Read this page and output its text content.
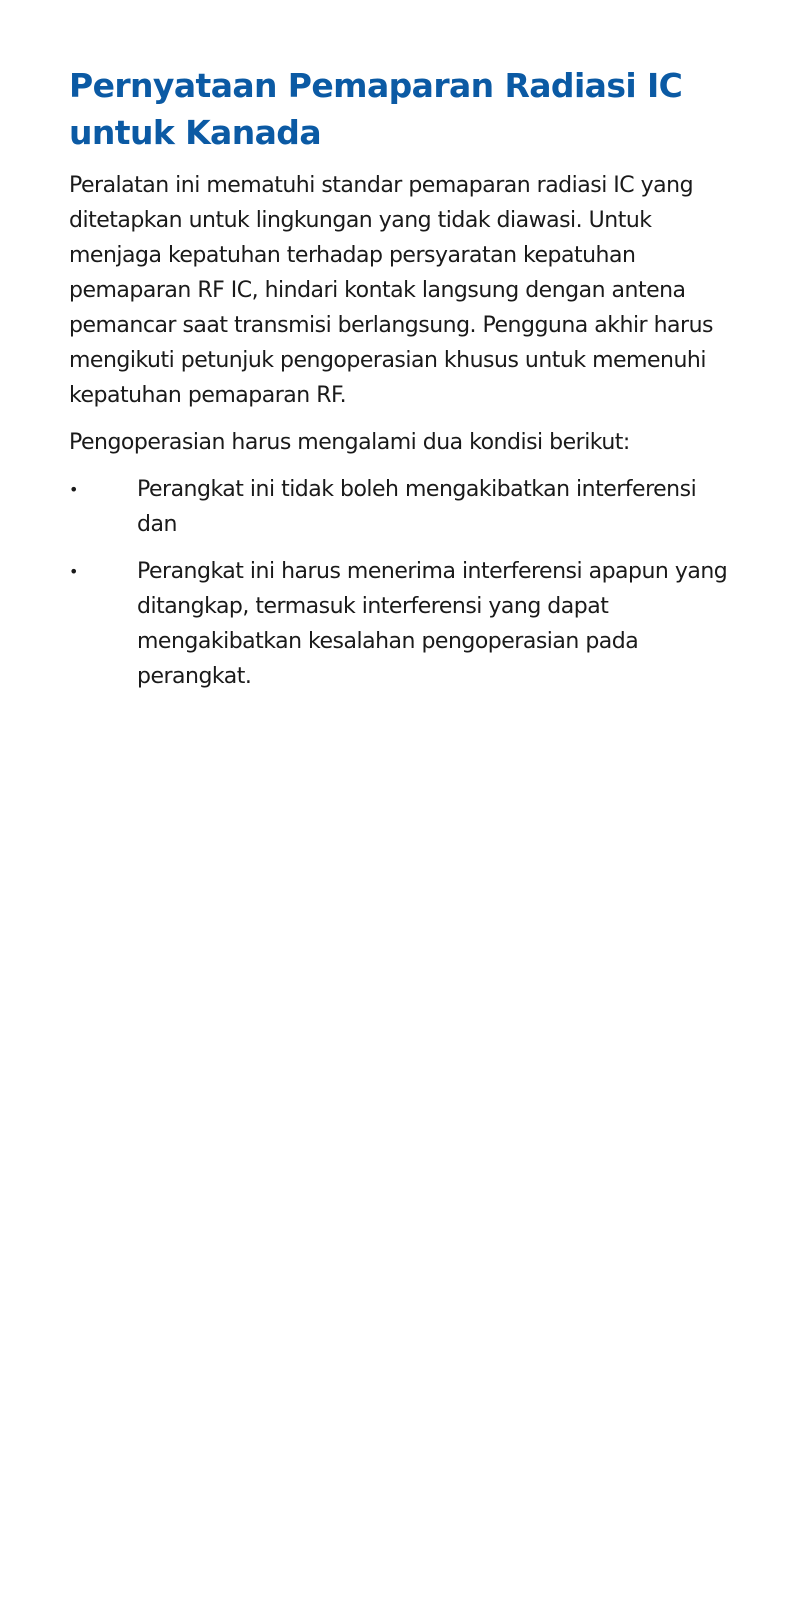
Pernyataan Pemaparan Radiasi IC untuk Kanada

Peralatan ini mematuhi standar pemaparan radiasi IC yang ditetapkan untuk lingkungan yang tidak diawasi. Untuk menjaga kepatuhan terhadap persyaratan kepatuhan pemaparan RF IC, hindari kontak langsung dengan antena pemancar saat transmisi berlangsung. Pengguna akhir harus mengikuti petunjuk pengoperasian khusus untuk memenuhi kepatuhan pemaparan RF.

Pengoperasian harus mengalami dua kondisi berikut:

•	Perangkat ini tidak boleh mengakibatkan interferensi dan
•	Perangkat ini harus menerima interferensi apapun yang ditangkap, termasuk interferensi yang dapat mengakibatkan kesalahan pengoperasian pada perangkat.
